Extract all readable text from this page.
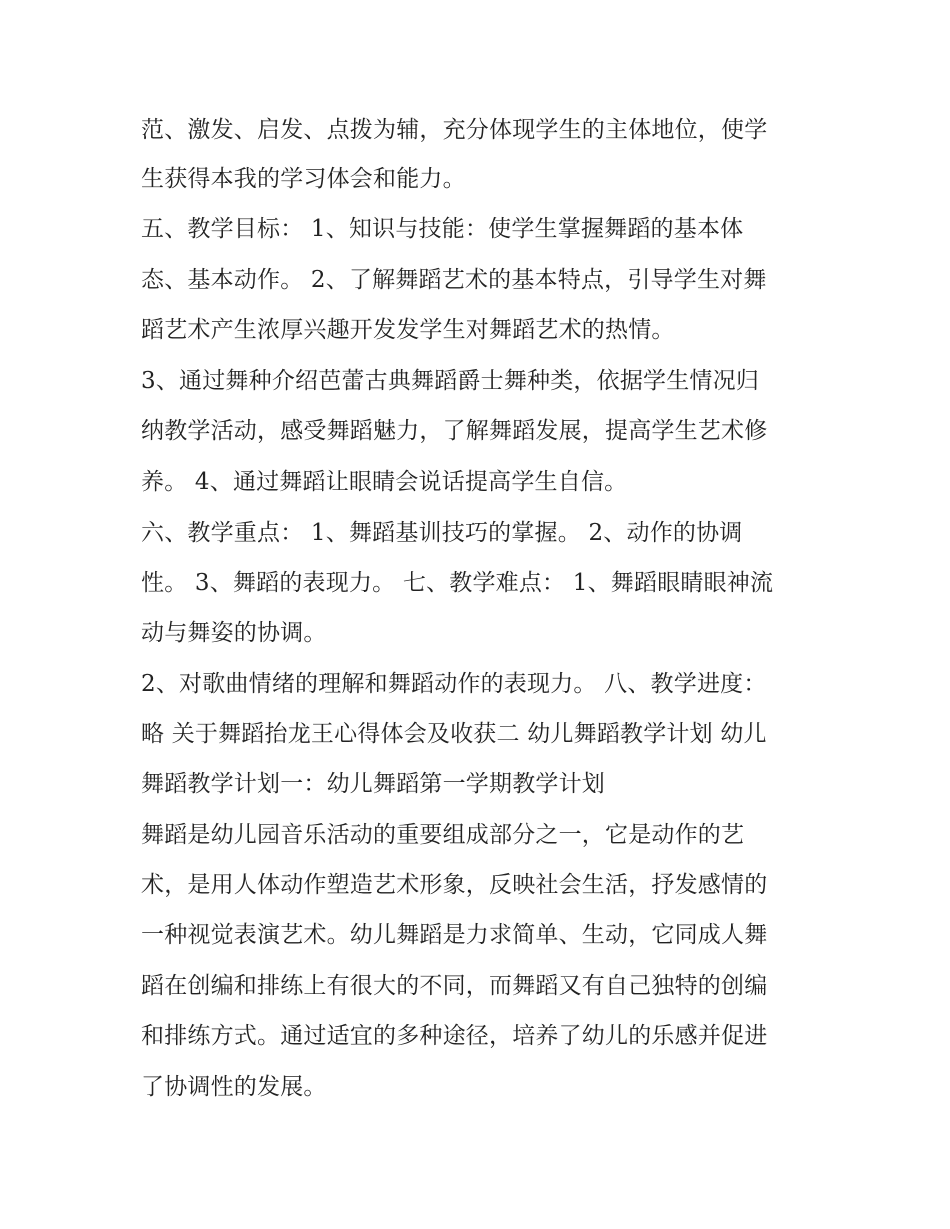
范、激发、启发、点拨为辅，充分体现学生的主体地位，使学
生获得本我的学习体会和能力。
五、教学目标： 1、知识与技能：使学生掌握舞蹈的基本体
态、基本动作。 2、了解舞蹈艺术的基本特点，引导学生对舞
蹈艺术产生浓厚兴趣开发发学生对舞蹈艺术的热情。
3、通过舞种介绍芭蕾古典舞蹈爵士舞种类，依据学生情况归
纳教学活动，感受舞蹈魅力，了解舞蹈发展，提高学生艺术修
养。 4、通过舞蹈让眼睛会说话提高学生自信。
六、教学重点： 1、舞蹈基训技巧的掌握。 2、动作的协调
性。 3、舞蹈的表现力。 七、教学难点： 1、舞蹈眼睛眼神流
动与舞姿的协调。
2、对歌曲情绪的理解和舞蹈动作的表现力。 八、教学进度：
略 关于舞蹈抬龙王心得体会及收获二 幼儿舞蹈教学计划 幼儿
舞蹈教学计划一：幼儿舞蹈第一学期教学计划
舞蹈是幼儿园音乐活动的重要组成部分之一，它是动作的艺
术，是用人体动作塑造艺术形象，反映社会生活，抒发感情的
一种视觉表演艺术。幼儿舞蹈是力求简单、生动，它同成人舞
蹈在创编和排练上有很大的不同，而舞蹈又有自己独特的创编
和排练方式。通过适宜的多种途径，培养了幼儿的乐感并促进
了协调性的发展。
